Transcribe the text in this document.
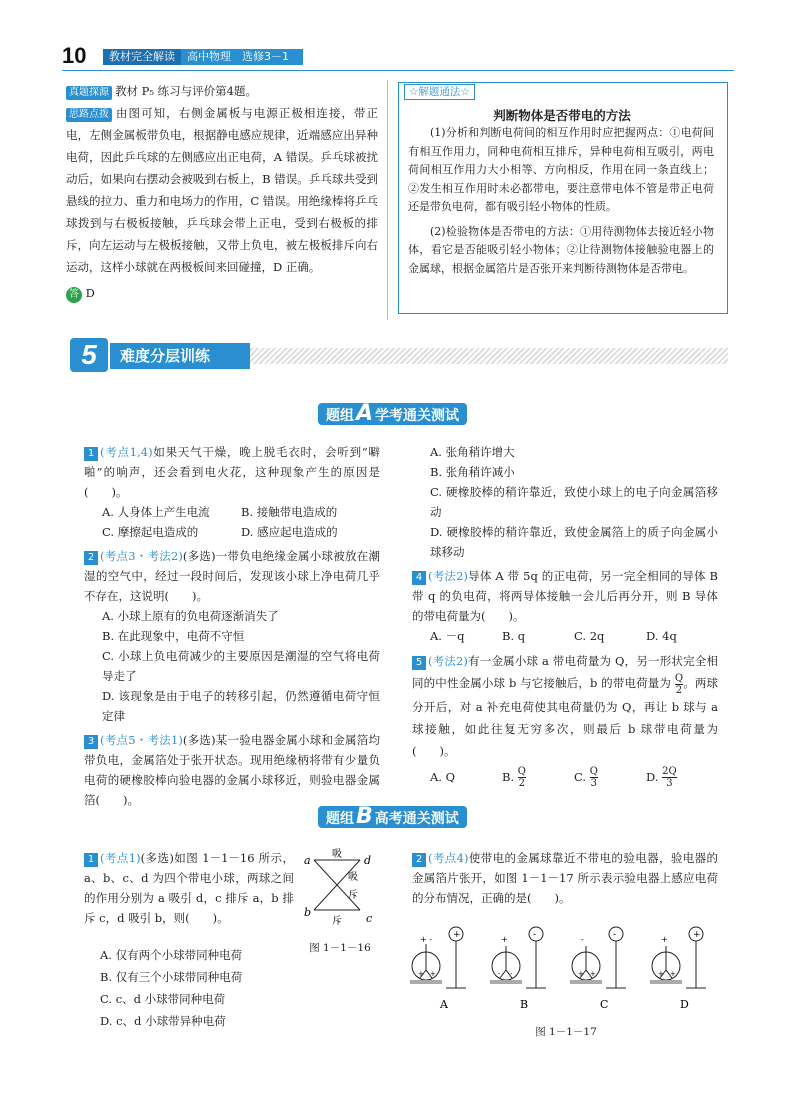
10	教材完全解读	高中物理　选修3－1
真题探源 教材 P₅ 练习与评价第4题。
思路点拨 由图可知，右侧金属板与电源正极相连接，带正电，左侧金属板带负电，根据静电感应规律，近端感应出异种电荷，因此乒乓球的左侧感应出正电荷，A 错误。乒乓球被扰动后，如果向右摆动会被吸到右板上，B 错误。乒乓球共受到悬线的拉力、重力和电场力的作用，C 错误。用绝缘棒将乒乓球拨到与右极板接触，乒乓球会带上正电，受到右极板的排斥，向左运动与左极板接触，又带上负电，被左极板排斥向右运动，这样小球就在两极板间来回碰撞，D 正确。
答 D
☆解题通法☆
判断物体是否带电的方法
(1)分析和判断电荷间的相互作用时应把握两点：①电荷间有相互作用力，同种电荷相互排斥，异种电荷相互吸引，两电荷间相互作用力大小相等、方向相反，作用在同一条直线上；②发生相互作用时未必都带电，要注意带电体不管是带正电荷还是带负电荷，都有吸引轻小物体的性质。
(2)检验物体是否带电的方法：①用待测物体去接近轻小物体，看它是否能吸引轻小物体；②让待测物体接触验电器上的金属球，根据金属箔片是否张开来判断待测物体是否带电。
难度分层训练
5
题组A 学考通关测试
1 (考点1,4)如果天气干燥，晚上脱毛衣时，会听到“噼啪”的响声，还会看到电火花，这种现象产生的原因是(　　)。
A. 人身体上产生电流	B. 接触带电造成的
C. 摩擦起电造成的	D. 感应起电造成的
2 (考点3・考法2)(多选)一带负电绝缘金属小球被放在潮湿的空气中，经过一段时间后，发现该小球上净电荷几乎不存在，这说明(　　)。
A. 小球上原有的负电荷逐渐消失了
B. 在此现象中，电荷不守恒
C. 小球上负电荷减少的主要原因是潮湿的空气将电荷导走了
D. 该现象是由于电子的转移引起，仍然遵循电荷守恒定律
3 (考点5・考法1)(多选)某一验电器金属小球和金属箔均带负电，金属箔处于张开状态。现用绝缘柄将带有少量负电荷的硬橡胶棒向验电器的金属小球移近，则验电器金属箔(　　)。
A. 张角稍许增大
B. 张角稍许减小
C. 硬橡胶棒的稍许靠近，致使小球上的电子向金属箔移动
D. 硬橡胶棒的稍许靠近，致使金属箔上的质子向金属小球移动
4 (考法2)导体 A 带 5q 的正电荷，另一完全相同的导体 B 带 q 的负电荷，将两导体接触一会儿后再分开，则 B 导体的带电荷量为(　　)。
A. －q	B. q	C. 2q	D. 4q
5 (考法2)有一金属小球 a 带电荷量为 Q，另一形状完全相同的中性金属小球 b 与它接触后，b 的带电荷量为 $\frac{Q}{2}$。两球分开后，对 a 补充电荷使其电荷量仍为 Q，再让 b 球与 a 球接触，如此往复无穷多次，则最后 b 球带电荷量为(　　)。
A. Q	B. $\frac{Q}{2}$	C. $\frac{Q}{3}$	D. $\frac{2Q}{3}$
题组B 高考通关测试
1 (考点1)(多选)如图 1－1－16 所示，a、b、c、d 为四个带电小球，两球之间的作用分别为 a 吸引 d，c 排斥 a，b 排斥 c，d 吸引 b，则(　　)。
A. 仅有两个小球带同种电荷
B. 仅有三个小球带同种电荷
C. c、d 小球带同种电荷
D. c、d 小球带异种电荷
a	d
b	c
吸
吸
斥
斥
图 1－1－16
2 (考点4)使带电的金属球靠近不带电的验电器，验电器的金属箔片张开，如图 1－1－17 所示表示验电器上感应电荷的分布情况，正确的是(　　)。
+ -
+ +
+	+
- -
-	-
+ +
-	+
+ +
+
A	B	C	D
图 1－1－17
